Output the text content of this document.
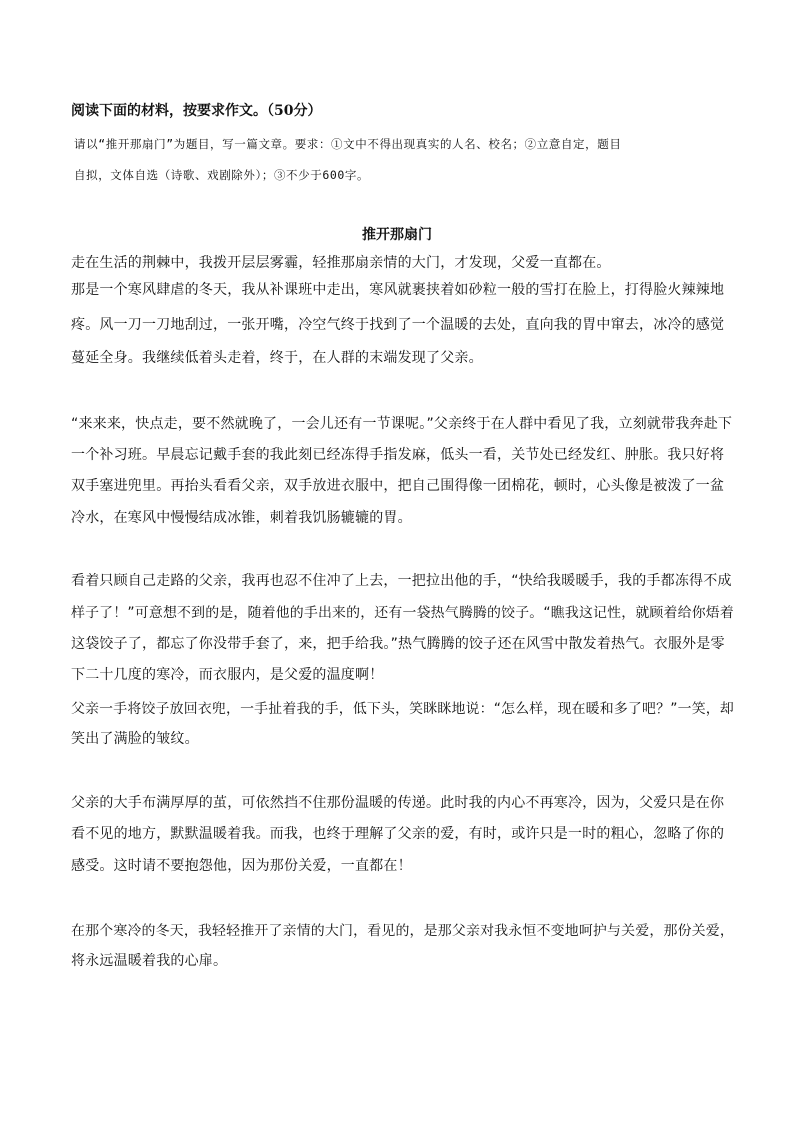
阅读下面的材料，按要求作文。（50分）
请以“推开那扇门”为题目，写一篇文章。要求：①文中不得出现真实的人名、校名；②立意自定，题目
自拟，文体自选（诗歌、戏剧除外）；③不少于600字。
推开那扇门
走在生活的荆棘中，我拨开层层雾霾，轻推那扇亲情的大门，才发现，父爱一直都在。
那是一个寒风肆虐的冬天，我从补课班中走出，寒风就裹挟着如砂粒一般的雪打在脸上，打得脸火辣辣地
疼。风一刀一刀地刮过，一张开嘴，冷空气终于找到了一个温暖的去处，直向我的胃中窜去，冰冷的感觉
蔓延全身。我继续低着头走着，终于，在人群的末端发现了父亲。
“来来来，快点走，要不然就晚了，一会儿还有一节课呢。”父亲终于在人群中看见了我，立刻就带我奔赴下
一个补习班。早晨忘记戴手套的我此刻已经冻得手指发麻，低头一看，关节处已经发红、肿胀。我只好将
双手塞进兜里。再抬头看看父亲，双手放进衣服中，把自己围得像一团棉花，顿时，心头像是被泼了一盆
冷水，在寒风中慢慢结成冰锥，刺着我饥肠辘辘的胃。
看着只顾自己走路的父亲，我再也忍不住冲了上去，一把拉出他的手，“快给我暖暖手，我的手都冻得不成
样子了！”可意想不到的是，随着他的手出来的，还有一袋热气腾腾的饺子。“瞧我这记性，就顾着给你焐着
这袋饺子了，都忘了你没带手套了，来，把手给我。”热气腾腾的饺子还在风雪中散发着热气。衣服外是零
下二十几度的寒冷，而衣服内，是父爱的温度啊！
父亲一手将饺子放回衣兜，一手扯着我的手，低下头，笑眯眯地说：“怎么样，现在暖和多了吧？”一笑，却
笑出了满脸的皱纹。
父亲的大手布满厚厚的茧，可依然挡不住那份温暖的传递。此时我的内心不再寒冷，因为，父爱只是在你
看不见的地方，默默温暖着我。而我，也终于理解了父亲的爱，有时，或许只是一时的粗心，忽略了你的
感受。这时请不要抱怨他，因为那份关爱，一直都在！
在那个寒冷的冬天，我轻轻推开了亲情的大门，看见的，是那父亲对我永恒不变地呵护与关爱，那份关爱，
将永远温暖着我的心扉。
